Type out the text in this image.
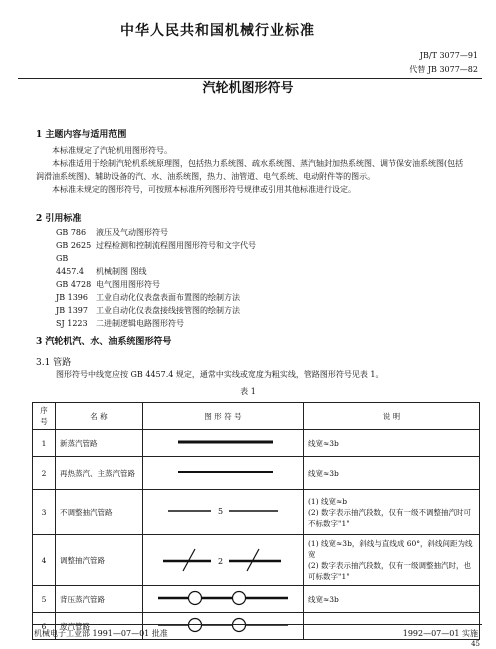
中华人民共和国机械行业标准
JB/T 3077—91
代替 JB 3077—82
汽轮机图形符号
1 主题内容与适用范围
本标准规定了汽轮机用图形符号。
本标准适用于绘制汽轮机系统原理图，包括热力系统图、疏水系统图、蒸汽轴封加热系统图、调节保安油系统图(包括润滑油系统图)、辅助设备的汽、水、油系统图，热力、油管道、电气系统、电动附件等的图示。
本标准未规定的图形符号，可按照本标准所列图形符号规律或引用其他标准进行设定。
2 引用标准
GB 786 液压及气动图形符号
GB 2625 过程检测和控制流程图用图形符号和文字代号
GB 4457.4 机械制图 图线
GB 4728 电气图用图形符号
JB 1396 工业自动化仪表盘表面布置图的绘制方法
JB 1397 工业自动化仪表盘接线接管图的绘制方法
SJ 1223 二进制逻辑电路图形符号
3 汽轮机汽、水、油系统图形符号
3.1 管路
图形符号中线宽应按 GB 4457.4 规定，通常中实线或宽度为粗实线，管路图形符号见表 1。
表 1
序号	名 称	图 形 符 号	说 明
1	新蒸汽管路		线宽≈3b
2	再热蒸汽、主蒸汽管路		线宽≈3b
3	不调整抽汽管路	5	(1) 线宽≈b
(2) 数字表示抽汽段数，仅有一级不调整抽汽时可不标数字"1"
4	调整抽汽管路	2	(1) 线宽≈3b，斜线与直线成 60°，斜线间距为线宽
(2) 数字表示抽汽段数，仅有一级调整抽汽时，也可标数字"1"
5	背压蒸汽管路		线宽≈3b
6	废汽管路		
机械电子工业部 1991—07—01 批准	1992—07—01 实施
45
